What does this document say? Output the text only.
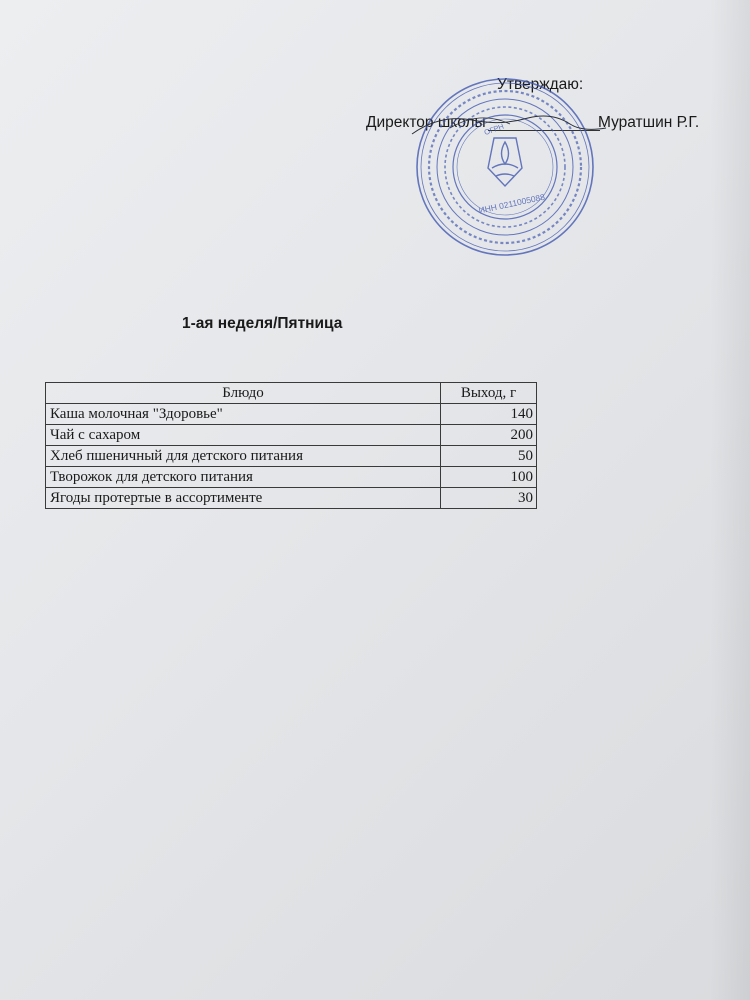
Утверждаю:
Директор школы	Муратшин Р.Г.
ИНН 0211005088
ОГРН
1-ая неделя/Пятница
Блюдо	Выход, г
Каша молочная "Здоровье"	140
Чай с сахаром	200
Хлеб пшеничный для детского питания	50
Творожок для детского питания	100
Ягоды протертые в ассортименте	30
